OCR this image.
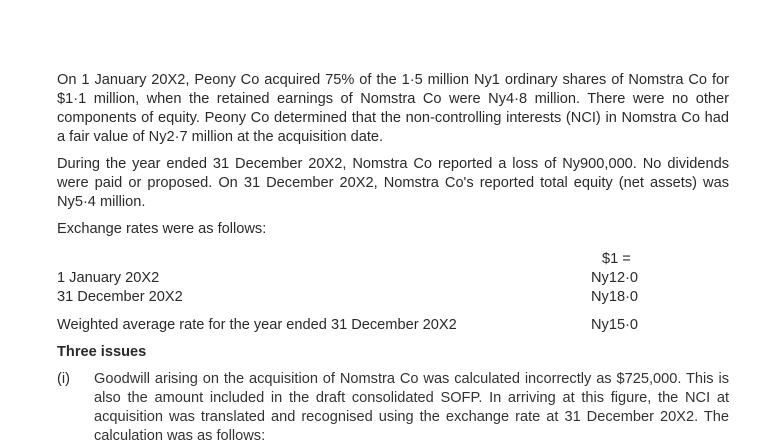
On 1 January 20X2, Peony Co acquired 75% of the 1·5 million Ny1 ordinary shares of Nomstra Co for $1·1 million, when the retained earnings of Nomstra Co were Ny4·8 million. There were no other components of equity. Peony Co determined that the non-controlling interests (NCI) in Nomstra Co had a fair value of Ny2·7 million at the acquisition date.

During the year ended 31 December 20X2, Nomstra Co reported a loss of Ny900,000. No dividends were paid or proposed. On 31 December 20X2, Nomstra Co's reported total equity (net assets) was Ny5·4 million.

Exchange rates were as follows:

$1 =
1 January 20X2	Ny12·0
31 December 20X2	Ny18·0
Weighted average rate for the year ended 31 December 20X2	Ny15·0
Three issues
(i) Goodwill arising on the acquisition of Nomstra Co was calculated incorrectly as $725,000. This is also the amount included in the draft consolidated SOFP. In arriving at this figure, the NCI at acquisition was translated and recognised using the exchange rate at 31 December 20X2. The calculation was as follows:
